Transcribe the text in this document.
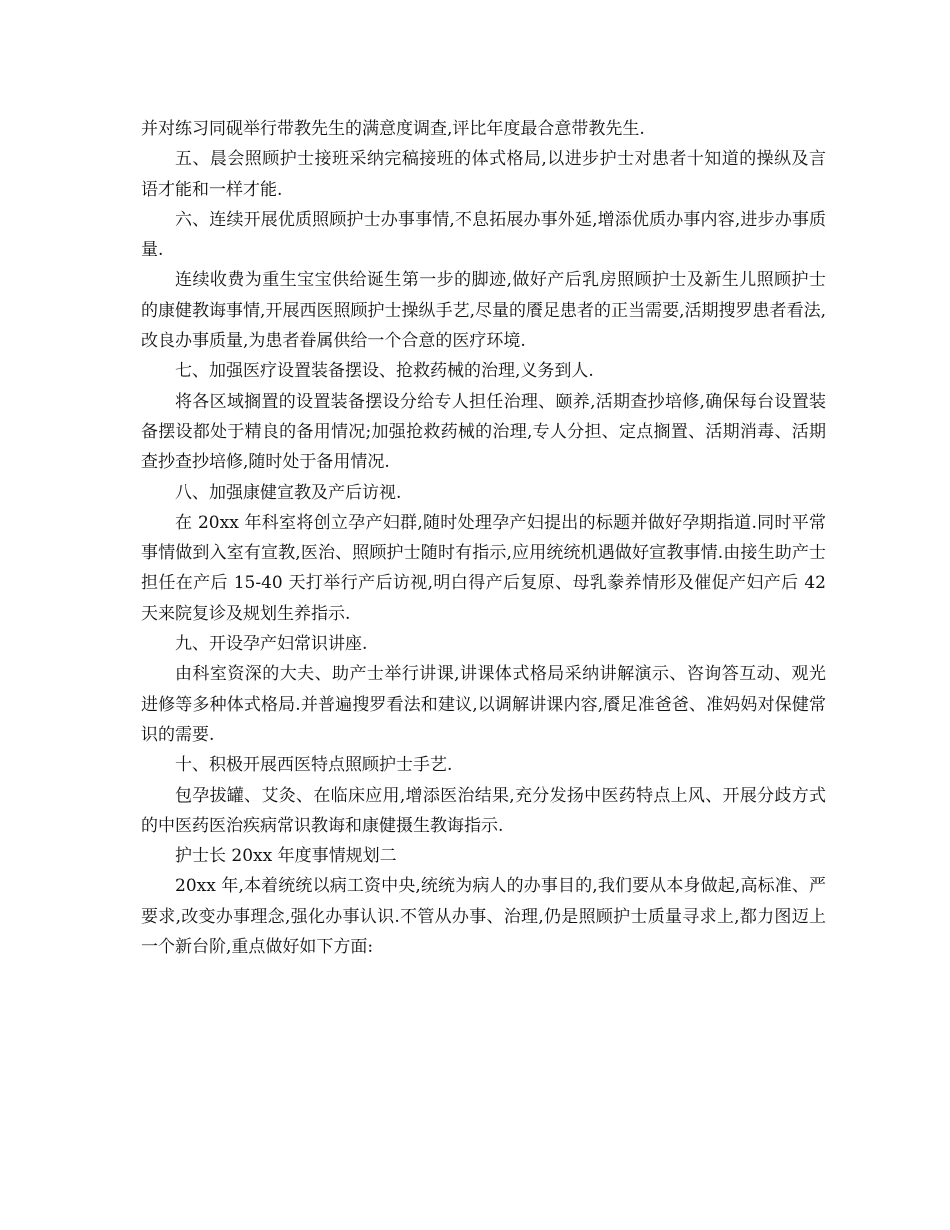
并对练习同砚举行带教先生的满意度调查,评比年度最合意带教先生.

五、晨会照顾护士接班采纳完稿接班的体式格局,以进步护士对患者十知道的操纵及言语才能和一样才能.

六、连续开展优质照顾护士办事事情,不息拓展办事外延,增添优质办事内容,进步办事质量.

连续收费为重生宝宝供给诞生第一步的脚迹,做好产后乳房照顾护士及新生儿照顾护士的康健教诲事情,开展西医照顾护士操纵手艺,尽量的餍足患者的正当需要,活期搜罗患者看法,改良办事质量,为患者眷属供给一个合意的医疗环境.

七、加强医疗设置装备摆设、抢救药械的治理,义务到人.

将各区域搁置的设置装备摆设分给专人担任治理、颐养,活期查抄培修,确保每台设置装备摆设都处于精良的备用情况;加强抢救药械的治理,专人分担、定点搁置、活期消毒、活期查抄查抄培修,随时处于备用情况.

八、加强康健宣教及产后访视.

在 20xx 年科室将创立孕产妇群,随时处理孕产妇提出的标题并做好孕期指道.同时平常事情做到入室有宣教,医治、照顾护士随时有指示,应用统统机遇做好宣教事情.由接生助产士担任在产后 15-40 天打举行产后访视,明白得产后复原、母乳豢养情形及催促产妇产后 42 天来院复诊及规划生养指示.

九、开设孕产妇常识讲座.

由科室资深的大夫、助产士举行讲课,讲课体式格局采纳讲解演示、咨询答互动、观光进修等多种体式格局.并普遍搜罗看法和建议,以调解讲课内容,餍足准爸爸、准妈妈对保健常识的需要.

十、积极开展西医特点照顾护士手艺.

包孕拔罐、艾灸、在临床应用,增添医治结果,充分发扬中医药特点上风、开展分歧方式的中医药医治疾病常识教诲和康健摄生教诲指示.

护士长 20xx 年度事情规划二

20xx 年,本着统统以病工资中央,统统为病人的办事目的,我们要从本身做起,高标准、严要求,改变办事理念,强化办事认识.不管从办事、治理,仍是照顾护士质量寻求上,都力图迈上一个新台阶,重点做好如下方面:
